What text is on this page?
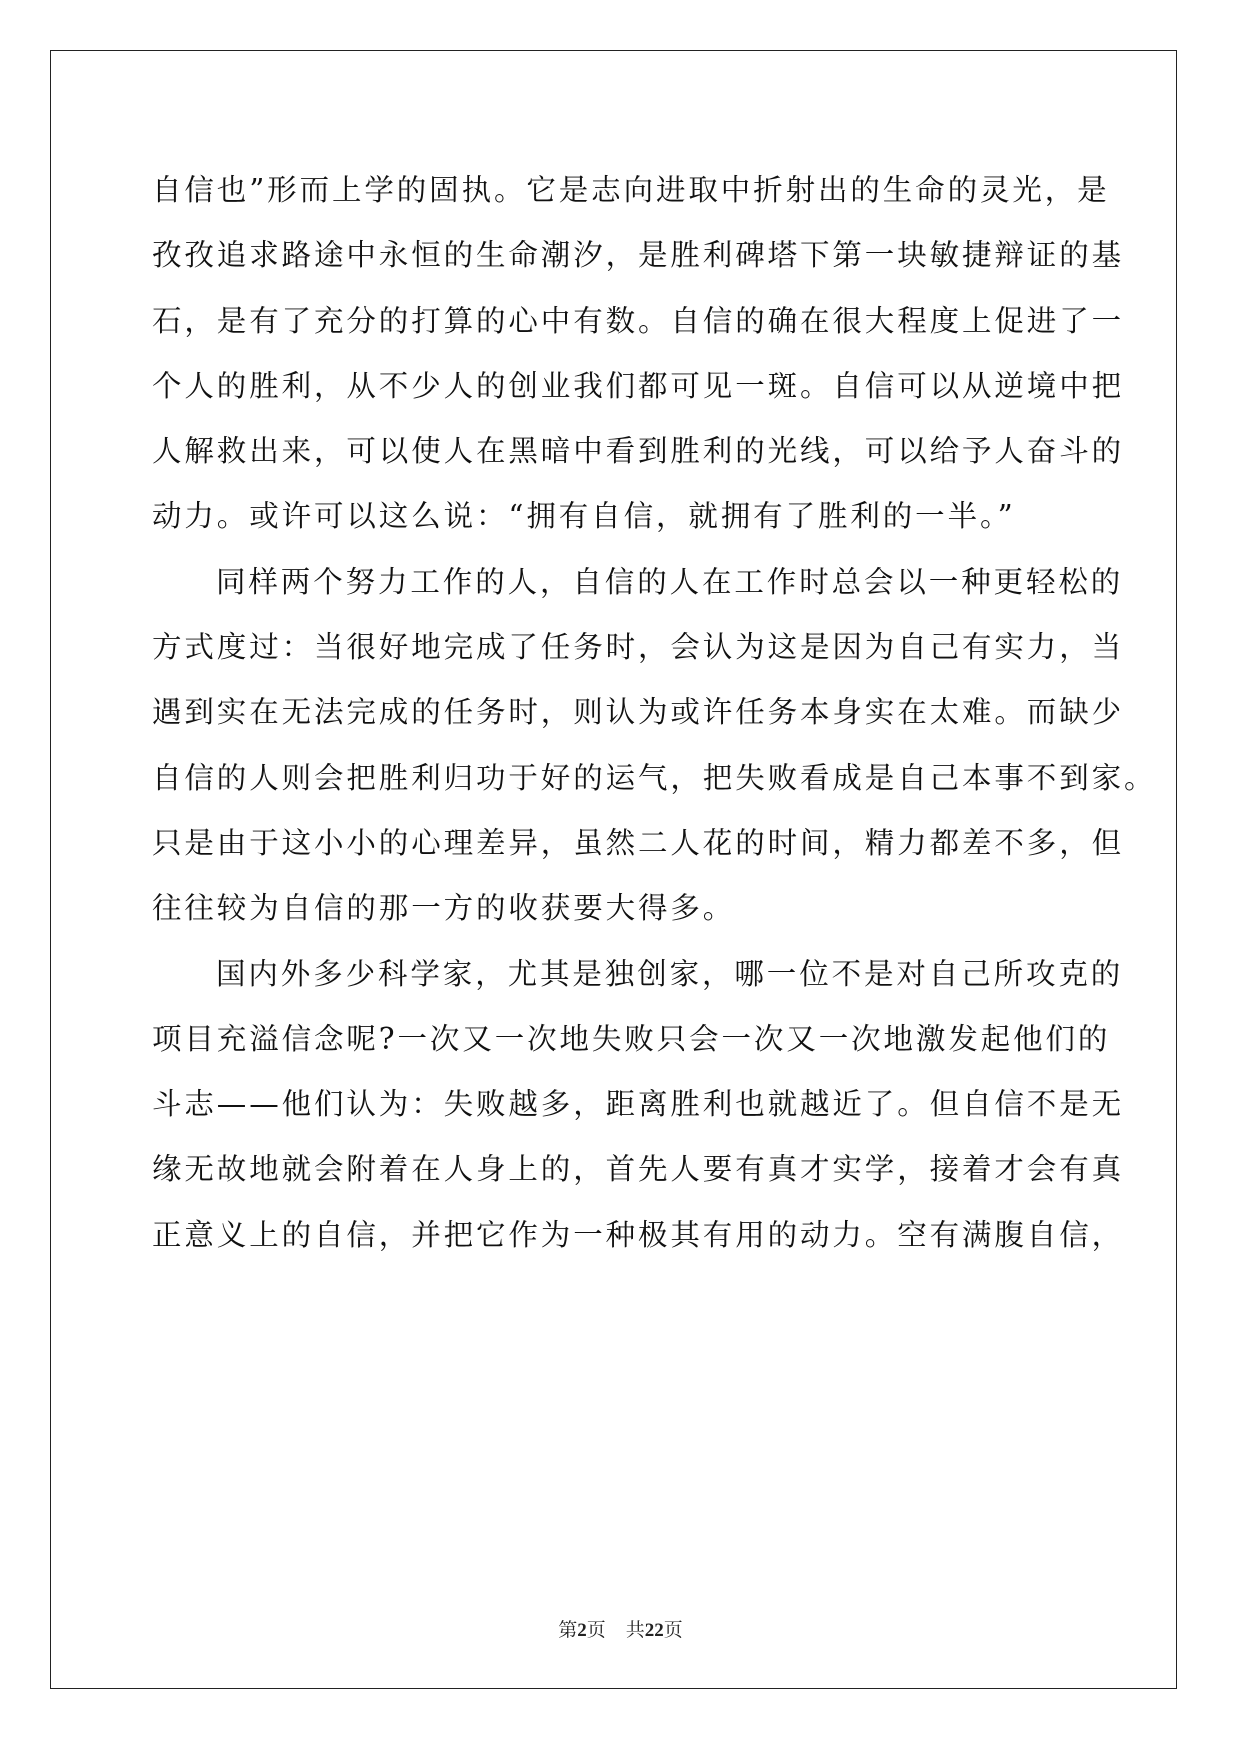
自信也”形而上学的固执。它是志向进取中折射出的生命的灵光，是
孜孜追求路途中永恒的生命潮汐，是胜利碑塔下第一块敏捷辩证的基
石，是有了充分的打算的心中有数。自信的确在很大程度上促进了一
个人的胜利，从不少人的创业我们都可见一斑。自信可以从逆境中把
人解救出来，可以使人在黑暗中看到胜利的光线，可以给予人奋斗的
动力。或许可以这么说：“拥有自信，就拥有了胜利的一半。”
同样两个努力工作的人，自信的人在工作时总会以一种更轻松的
方式度过：当很好地完成了任务时，会认为这是因为自己有实力，当
遇到实在无法完成的任务时，则认为或许任务本身实在太难。而缺少
自信的人则会把胜利归功于好的运气，把失败看成是自己本事不到家。
只是由于这小小的心理差异，虽然二人花的时间，精力都差不多，但
往往较为自信的那一方的收获要大得多。
国内外多少科学家，尤其是独创家，哪一位不是对自己所攻克的
项目充溢信念呢?一次又一次地失败只会一次又一次地激发起他们的
斗志——他们认为：失败越多，距离胜利也就越近了。但自信不是无
缘无故地就会附着在人身上的，首先人要有真才实学，接着才会有真
正意义上的自信，并把它作为一种极其有用的动力。空有满腹自信，
第2页 共22页
